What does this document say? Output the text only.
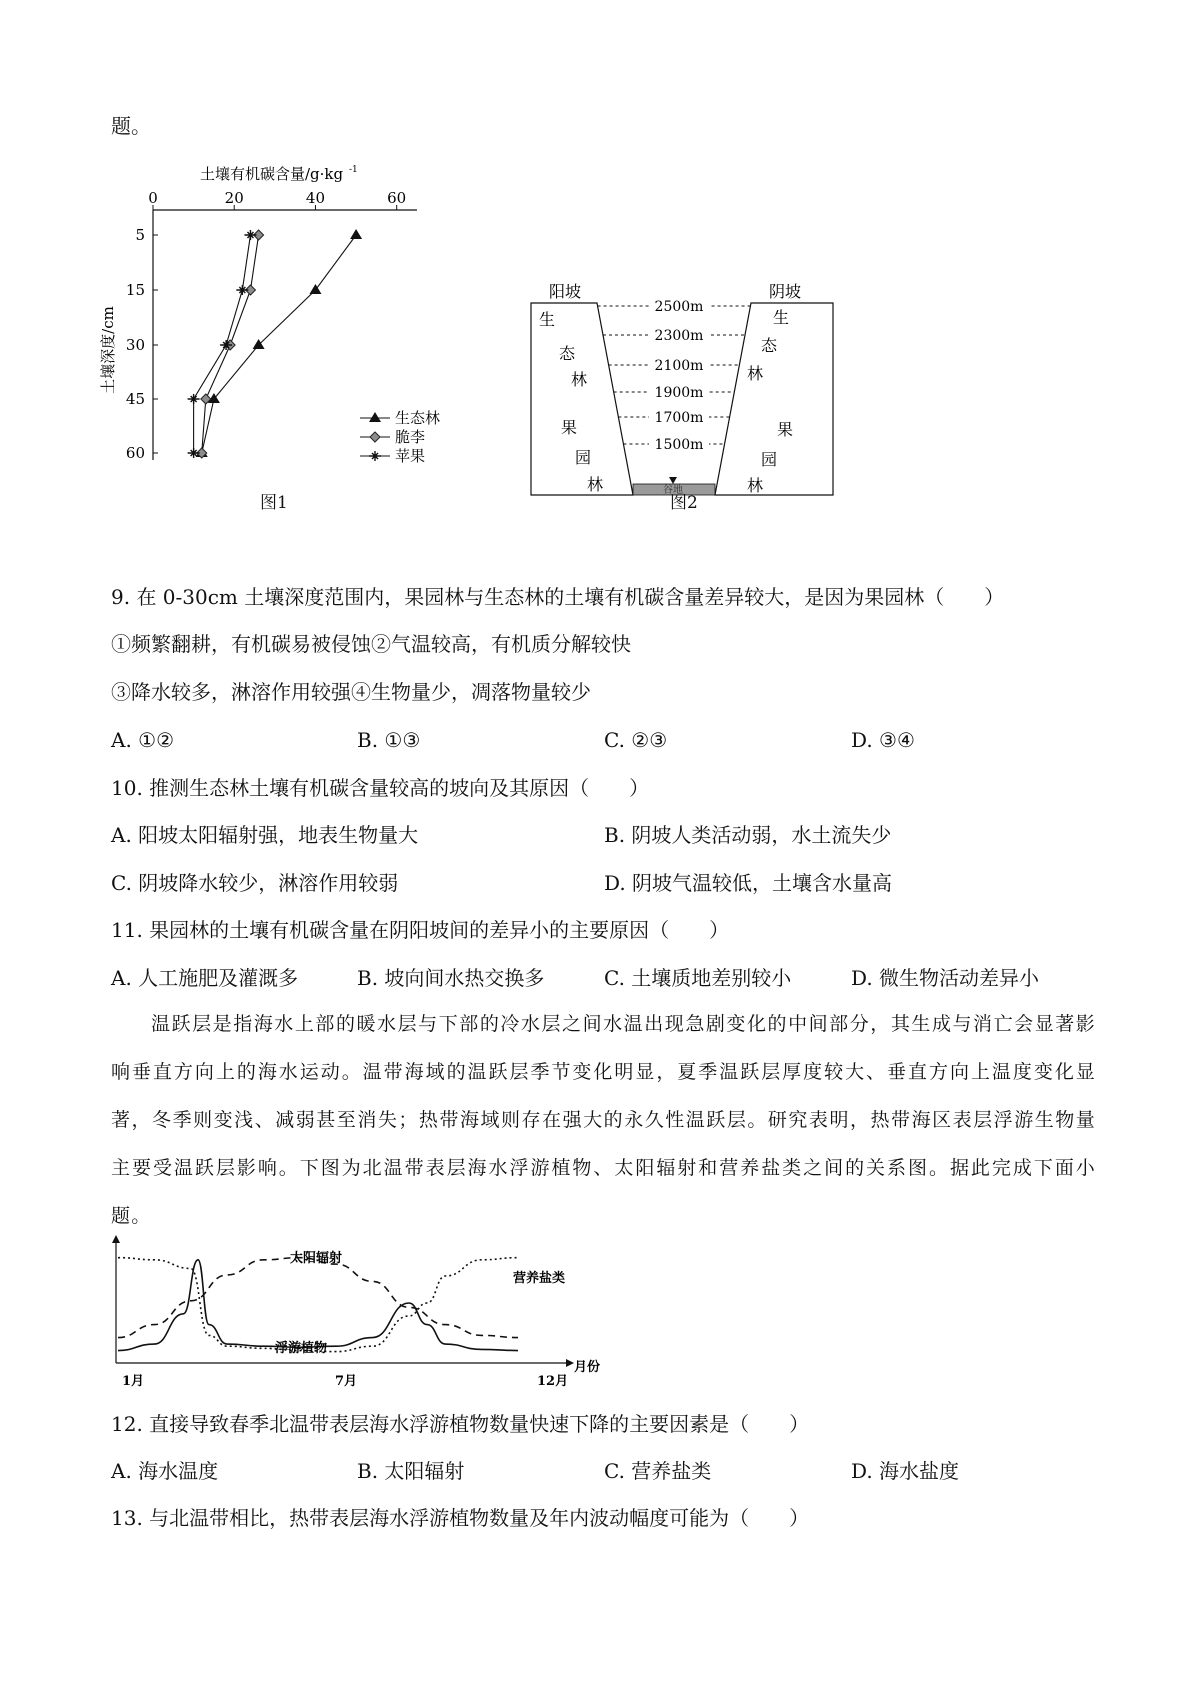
题。
土壤有机碳含量/g·kg -1
0	20	40	60
5
15
30
45
60
土壤深度/cm
生态林
脆李
苹果
图1
谷地
2500m
2300m
2100m
1900m
1700m
1500m
阳坡	阴坡
生
态
林
果
园
林
生
态
林
果
园
林
图2
9. 在 0-30cm 土壤深度范围内，果园林与生态林的土壤有机碳含量差异较大，是因为果园林（　　）
①频繁翻耕，有机碳易被侵蚀②气温较高，有机质分解较快
③降水较多，淋溶作用较强④生物量少，凋落物量较少
A. ①②	B. ①③	C. ②③	D. ③④
10. 推测生态林土壤有机碳含量较高的坡向及其原因（　　）
A. 阳坡太阳辐射强，地表生物量大	B. 阴坡人类活动弱，水土流失少
C. 阴坡降水较少，淋溶作用较弱	D. 阴坡气温较低，土壤含水量高
11. 果园林的土壤有机碳含量在阴阳坡间的差异小的主要原因（　　）
A. 人工施肥及灌溉多	B. 坡向间水热交换多	C. 土壤质地差别较小	D. 微生物活动差异小
温跃层是指海水上部的暖水层与下部的冷水层之间水温出现急剧变化的中间部分，其生成与消亡会显著影响垂直方向上的海水运动。温带海域的温跃层季节变化明显，夏季温跃层厚度较大、垂直方向上温度变化显著，冬季则变浅、减弱甚至消失；热带海域则存在强大的永久性温跃层。研究表明，热带海区表层浮游生物量主要受温跃层影响。下图为北温带表层海水浮游植物、太阳辐射和营养盐类之间的关系图。据此完成下面小题。
太阳辐射
营养盐类
浮游植物
1月	7月	12月
月份
12. 直接导致春季北温带表层海水浮游植物数量快速下降的主要因素是（　　）
A. 海水温度	B. 太阳辐射	C. 营养盐类	D. 海水盐度
13. 与北温带相比，热带表层海水浮游植物数量及年内波动幅度可能为（　　）
